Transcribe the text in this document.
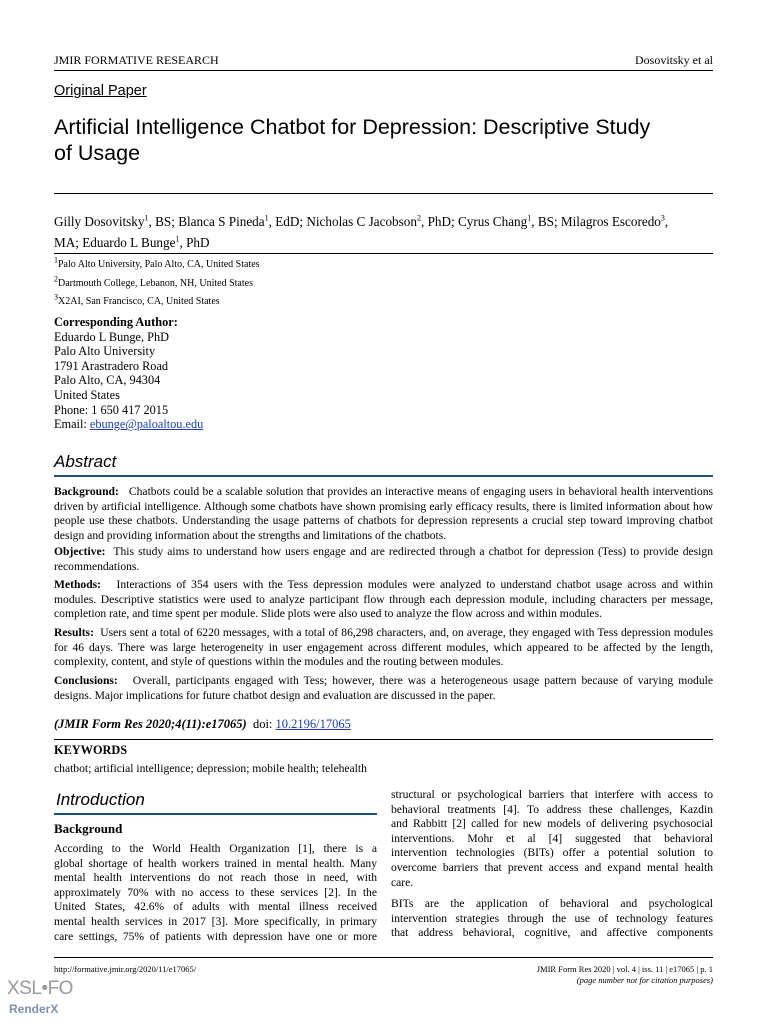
JMIR FORMATIVE RESEARCH	Dosovitsky et al
Original Paper
Artificial Intelligence Chatbot for Depression: Descriptive Study
of Usage
Gilly Dosovitsky$^1$, BS; Blanca S Pineda$^1$, EdD; Nicholas C Jacobson$^2$, PhD; Cyrus Chang$^1$, BS; Milagros Escoredo$^3$,
MA; Eduardo L Bunge$^1$, PhD
$^1$Palo Alto University, Palo Alto, CA, United States
$^2$Dartmouth College, Lebanon, NH, United States
$^3$X2AI, San Francisco, CA, United States
Corresponding Author:
Eduardo L Bunge, PhD
Palo Alto University
1791 Arastradero Road
Palo Alto, CA, 94304
United States
Phone: 1 650 417 2015
Email: ebunge@paloaltou.edu
Abstract
Background: Chatbots could be a scalable solution that provides an interactive means of engaging users in behavioral health interventions driven by artificial intelligence. Although some chatbots have shown promising early efficacy results, there is limited information about how people use these chatbots. Understanding the usage patterns of chatbots for depression represents a crucial step toward improving chatbot design and providing information about the strengths and limitations of the chatbots.
Objective: This study aims to understand how users engage and are redirected through a chatbot for depression (Tess) to provide design recommendations.
Methods: Interactions of 354 users with the Tess depression modules were analyzed to understand chatbot usage across and within modules. Descriptive statistics were used to analyze participant flow through each depression module, including characters per message, completion rate, and time spent per module. Slide plots were also used to analyze the flow across and within modules.
Results: Users sent a total of 6220 messages, with a total of 86,298 characters, and, on average, they engaged with Tess depression modules for 46 days. There was large heterogeneity in user engagement across different modules, which appeared to be affected by the length, complexity, content, and style of questions within the modules and the routing between modules.
Conclusions: Overall, participants engaged with Tess; however, there was a heterogeneous usage pattern because of varying module designs. Major implications for future chatbot design and evaluation are discussed in the paper.
(JMIR Form Res 2020;4(11):e17065) doi: 10.2196/17065
KEYWORDS
chatbot; artificial intelligence; depression; mobile health; telehealth
Introduction
Background
According to the World Health Organization [1], there is a
global shortage of health workers trained in mental health. Many
mental health interventions do not reach those in need, with
approximately 70% with no access to these services [2]. In the
United States, 42.6% of adults with mental illness received
mental health services in 2017 [3]. More specifically, in primary
care settings, 75% of patients with depression have one or more
structural or psychological barriers that interfere with access to
behavioral treatments [4]. To address these challenges, Kazdin
and Rabbitt [2] called for new models of delivering psychosocial
interventions. Mohr et al [4] suggested that behavioral
intervention technologies (BITs) offer a potential solution to
overcome barriers that prevent access and expand mental health
care.
BITs are the application of behavioral and psychological
intervention strategies through the use of technology features
that address behavioral, cognitive, and affective components
http://formative.jmir.org/2020/11/e17065/	JMIR Form Res 2020 | vol. 4 | iss. 11 | e17065 | p. 1
(page number not for citation purposes)
XSL•FO
RenderX
